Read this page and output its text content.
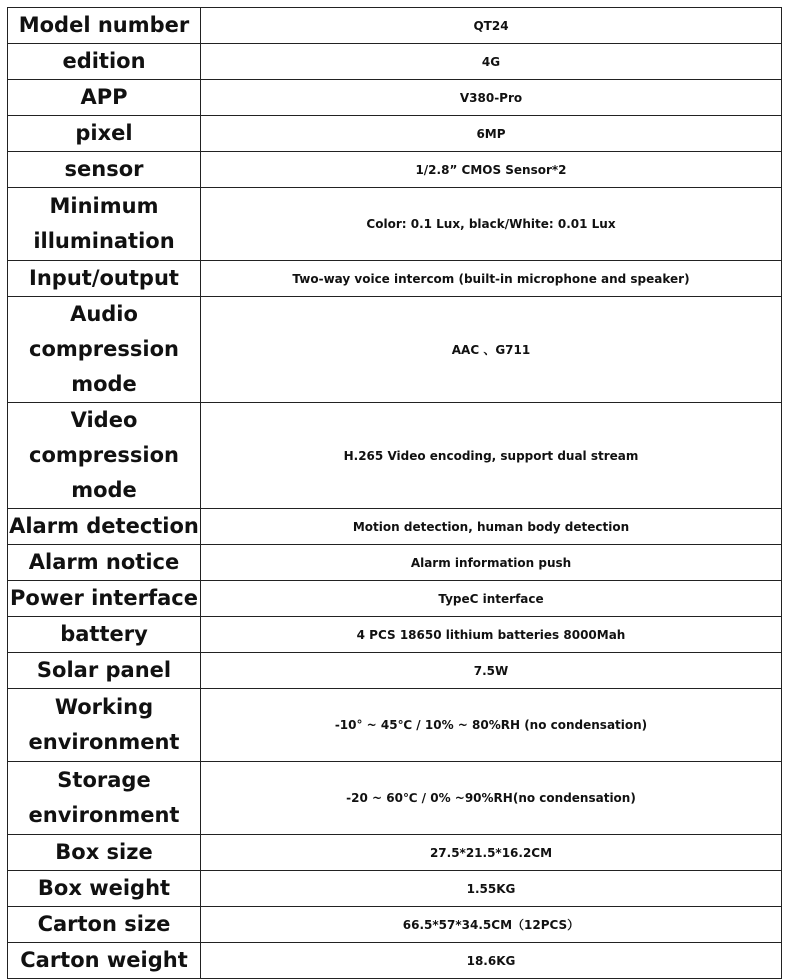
Model number	QT24
edition	4G
APP	V380-Pro
pixel	6MP
sensor	1/2.8” CMOS Sensor*2
Minimum illumination	Color: 0.1 Lux, black/White: 0.01 Lux
Input/output	Two-way voice intercom (built-in microphone and speaker)
Audio compression mode	AAC 、G711
Video compression mode	H.265 Video encoding, support dual stream
Alarm detection	Motion detection, human body detection
Alarm notice	Alarm information push
Power interface	TypeC interface
battery	4 PCS 18650 lithium batteries 8000Mah
Solar panel	7.5W
Working environment	-10° ~ 45℃ / 10% ~ 80%RH (no condensation)
Storage environment	-20 ~ 60℃ / 0% ~90%RH(no condensation)
Box size	27.5*21.5*16.2CM
Box weight	1.55KG
Carton size	66.5*57*34.5CM（12PCS）
Carton weight	18.6KG
